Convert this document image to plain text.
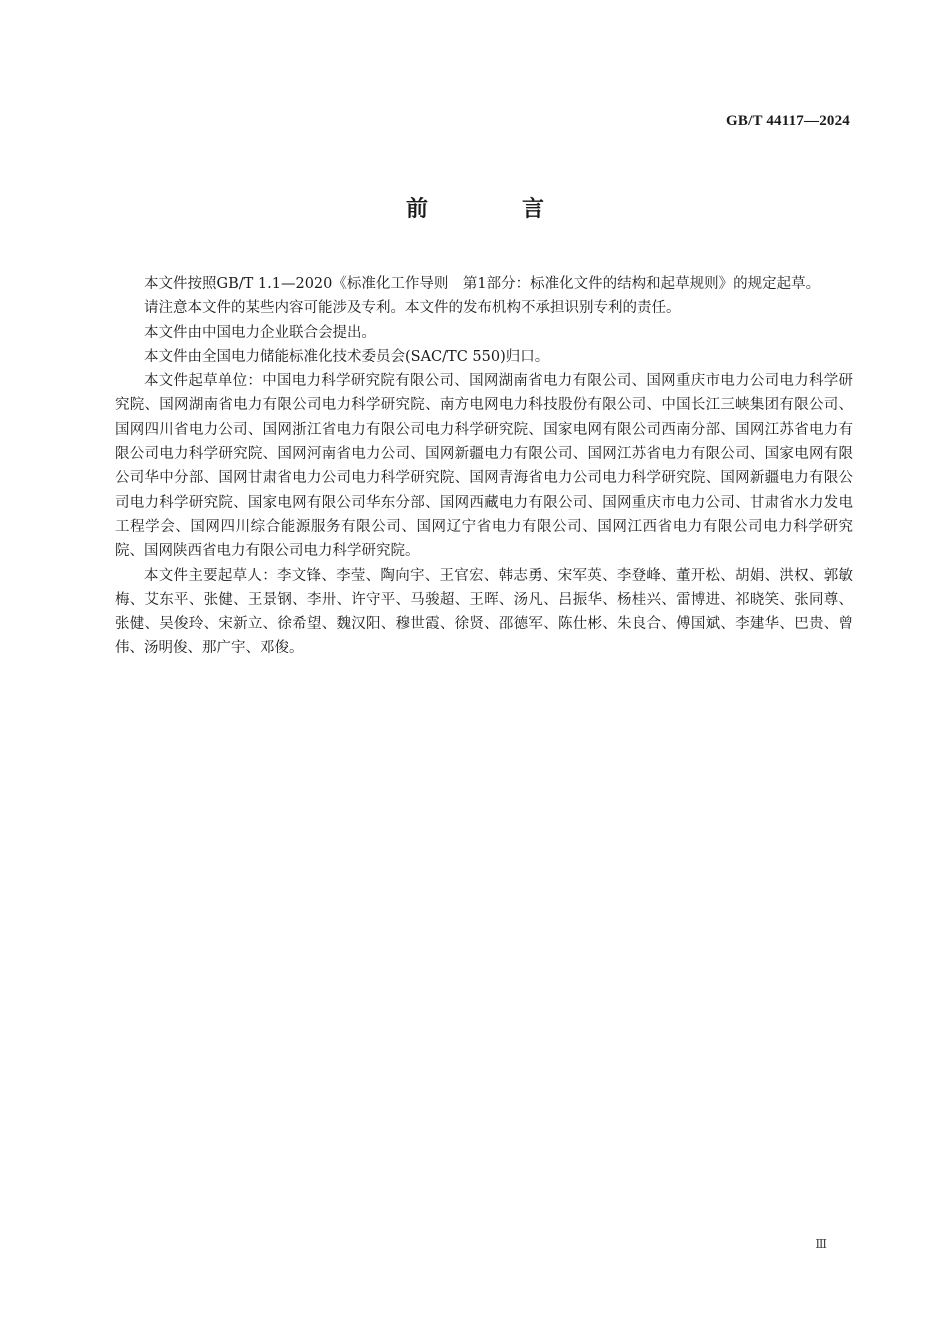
GB/T 44117—2024
前　言

本文件按照GB/T 1.1—2020《标准化工作导则　第1部分：标准化文件的结构和起草规则》的规定起草。

请注意本文件的某些内容可能涉及专利。本文件的发布机构不承担识别专利的责任。

本文件由中国电力企业联合会提出。

本文件由全国电力储能标准化技术委员会(SAC/TC 550)归口。

本文件起草单位：中国电力科学研究院有限公司、国网湖南省电力有限公司、国网重庆市电力公司电力科学研究院、国网湖南省电力有限公司电力科学研究院、南方电网电力科技股份有限公司、中国长江三峡集团有限公司、国网四川省电力公司、国网浙江省电力有限公司电力科学研究院、国家电网有限公司西南分部、国网江苏省电力有限公司电力科学研究院、国网河南省电力公司、国网新疆电力有限公司、国网江苏省电力有限公司、国家电网有限公司华中分部、国网甘肃省电力公司电力科学研究院、国网青海省电力公司电力科学研究院、国网新疆电力有限公司电力科学研究院、国家电网有限公司华东分部、国网西藏电力有限公司、国网重庆市电力公司、甘肃省水力发电工程学会、国网四川综合能源服务有限公司、国网辽宁省电力有限公司、国网江西省电力有限公司电力科学研究院、国网陕西省电力有限公司电力科学研究院。

本文件主要起草人：李文锋、李莹、陶向宇、王官宏、韩志勇、宋军英、李登峰、董开松、胡娟、洪权、郭敏梅、艾东平、张健、王景钢、李卅、许守平、马骏超、王晖、汤凡、吕振华、杨桂兴、雷博进、祁晓笑、张同尊、张健、吴俊玲、宋新立、徐希望、魏汉阳、穆世霞、徐贤、邵德军、陈仕彬、朱良合、傅国斌、李建华、巴贵、曾伟、汤明俊、那广宇、邓俊。

Ⅲ
